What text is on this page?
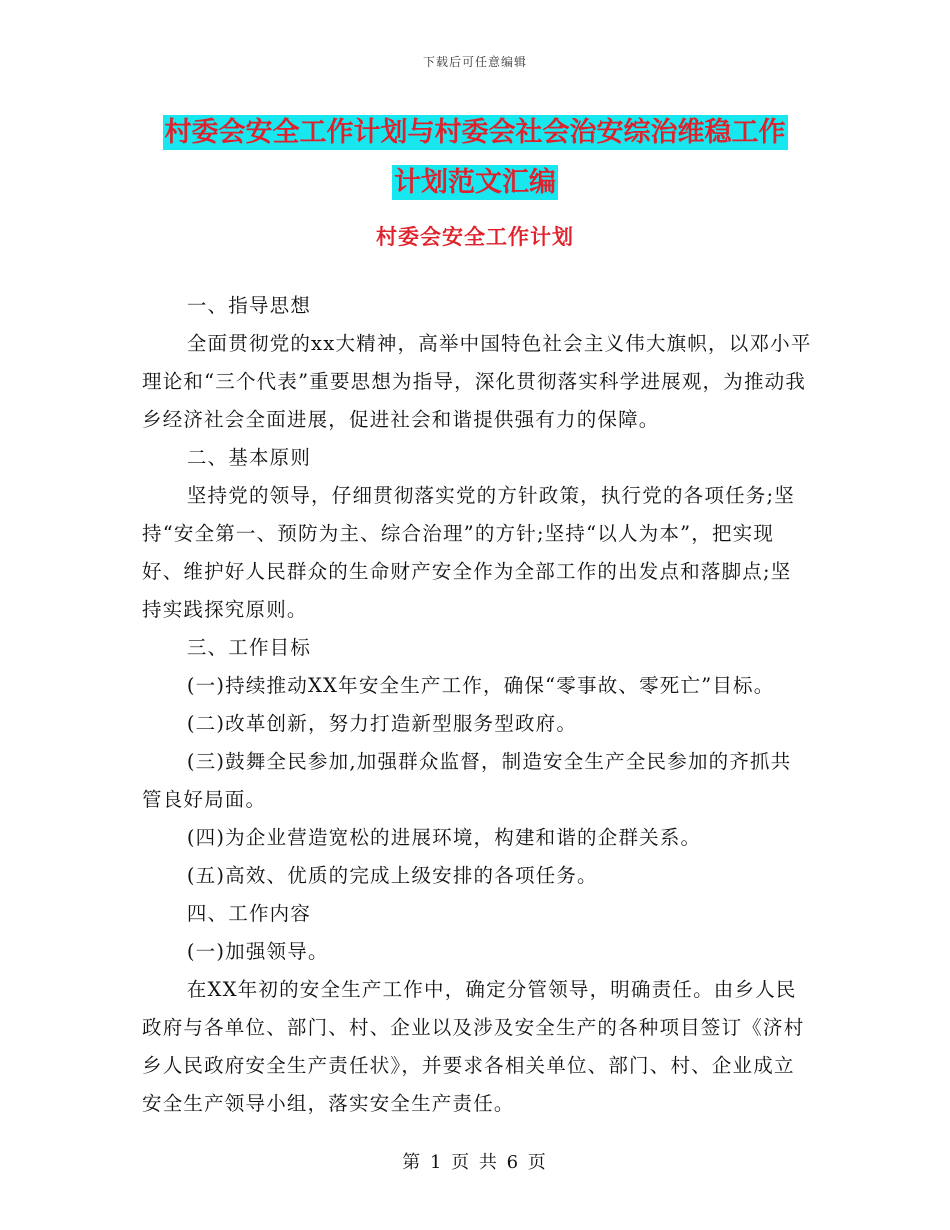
下载后可任意编辑
村委会安全工作计划与村委会社会治安综治维稳工作
计划范文汇编
村委会安全工作计划

一、指导思想

全面贯彻党的xx大精神，高举中国特色社会主义伟大旗帜，以邓小平理论和“三个代表”重要思想为指导，深化贯彻落实科学进展观，为推动我乡经济社会全面进展，促进社会和谐提供强有力的保障。

二、基本原则

坚持党的领导，仔细贯彻落实党的方针政策，执行党的各项任务;坚持“安全第一、预防为主、综合治理”的方针;坚持“以人为本”，把实现好、维护好人民群众的生命财产安全作为全部工作的出发点和落脚点;坚持实践探究原则。

三、工作目标

(一)持续推动XX年安全生产工作，确保“零事故、零死亡”目标。

(二)改革创新，努力打造新型服务型政府。

(三)鼓舞全民参加,加强群众监督，制造安全生产全民参加的齐抓共管良好局面。

(四)为企业营造宽松的进展环境，构建和谐的企群关系。

(五)高效、优质的完成上级安排的各项任务。

四、工作内容

(一)加强领导。

在XX年初的安全生产工作中，确定分管领导，明确责任。由乡人民政府与各单位、部门、村、企业以及涉及安全生产的各种项目签订《济村乡人民政府安全生产责任状》，并要求各相关单位、部门、村、企业成立安全生产领导小组，落实安全生产责任。

第 1 页 共 6 页
